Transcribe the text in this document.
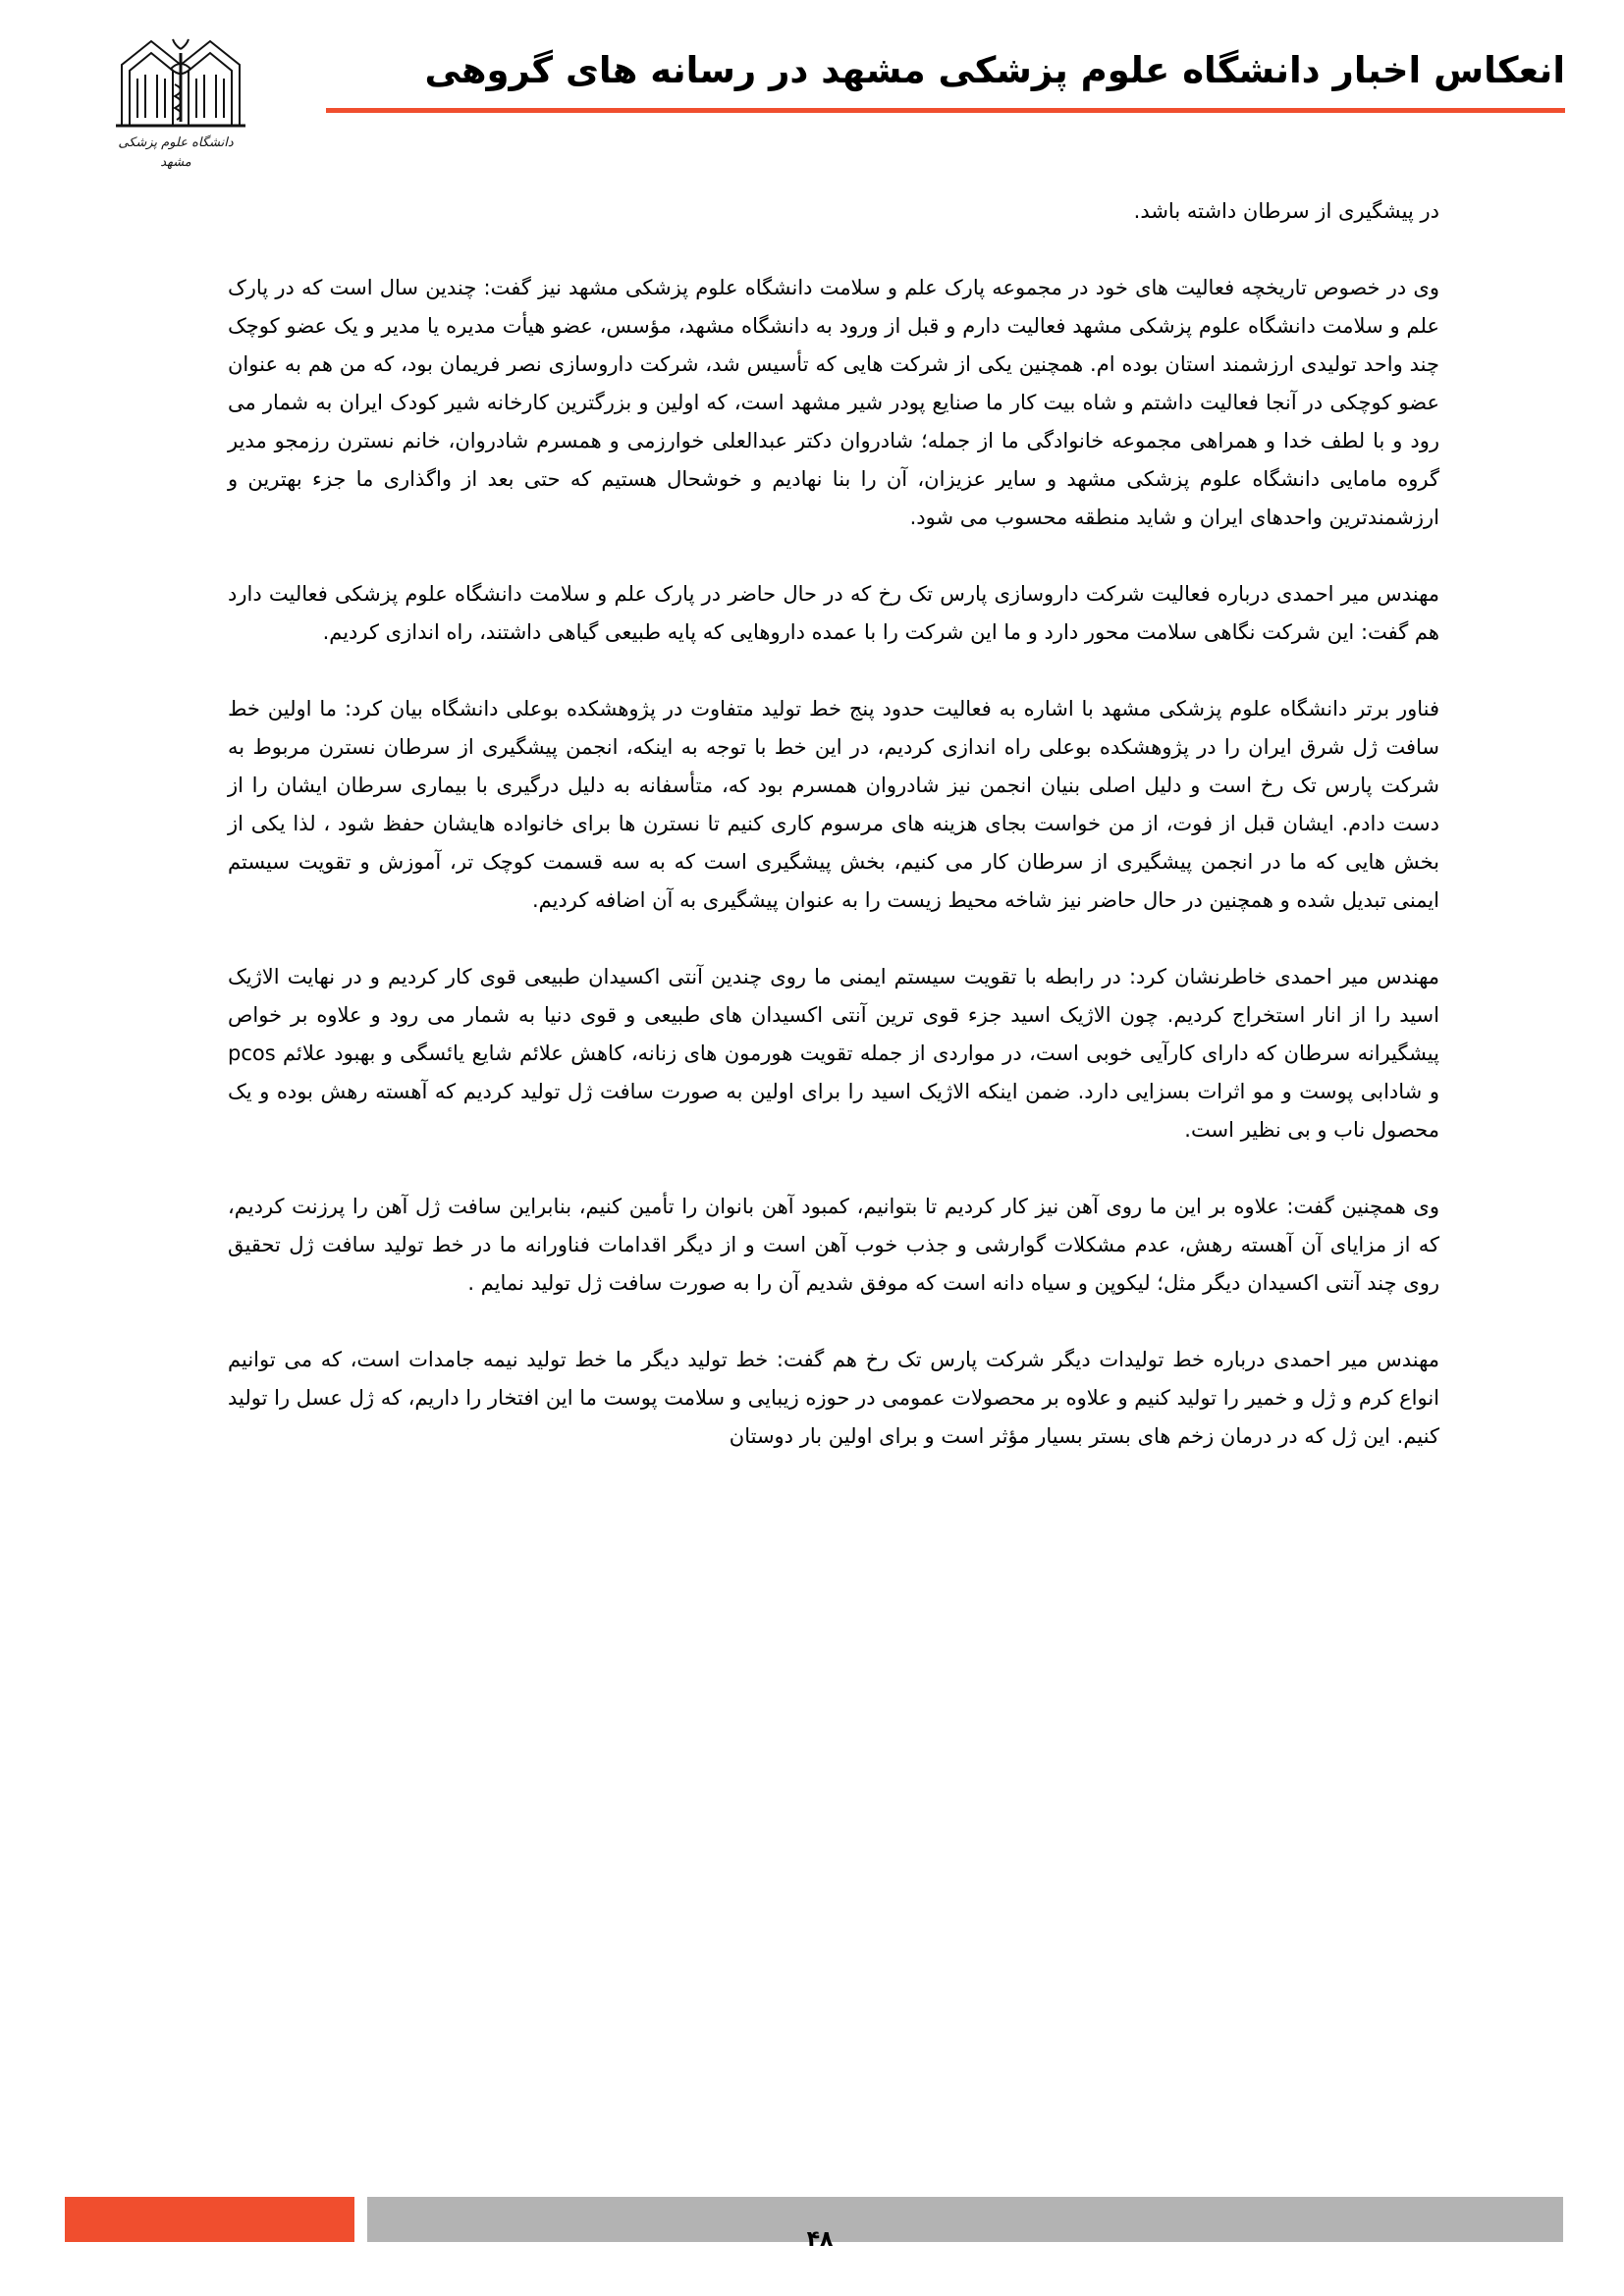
دانشگاه علوم پزشکی مشهد
انعکاس اخبار دانشگاه علوم پزشکی مشهد در رسانه های گروهی

در پیشگیری از سرطان داشته باشد.

وی در خصوص تاریخچه فعالیت های خود در مجموعه پارک علم و سلامت دانشگاه علوم پزشکی مشهد نیز گفت: چندین سال است که در پارک علم و سلامت دانشگاه علوم پزشکی مشهد فعالیت دارم و قبل از ورود به دانشگاه مشهد، مؤسس، عضو هیأت مدیره یا مدیر و یک عضو کوچک چند واحد تولیدی ارزشمند استان بوده ام. همچنین یکی از شرکت هایی که تأسیس شد، شرکت داروسازی نصر فریمان بود، که من هم به عنوان عضو کوچکی در آنجا فعالیت داشتم و شاه بیت کار ما صنایع پودر شیر مشهد است، که اولین و بزرگترین کارخانه شیر کودک ایران به شمار می رود و با لطف خدا و همراهی مجموعه خانوادگی ما از جمله؛ شادروان دکتر عبدالعلی خوارزمی و همسرم شادروان، خانم نسترن رزمجو مدیر گروه مامایی دانشگاه علوم پزشکی مشهد و سایر عزیزان، آن را بنا نهادیم و خوشحال هستیم که حتی بعد از واگذاری ما جزء بهترین و ارزشمندترین واحدهای ایران و شاید منطقه محسوب می شود.

مهندس میر احمدی درباره فعالیت شرکت داروسازی پارس تک رخ که در حال حاضر در پارک علم و سلامت دانشگاه علوم پزشکی فعالیت دارد هم گفت: این شرکت نگاهی سلامت محور دارد و ما این شرکت را با عمده داروهایی که پایه طبیعی گیاهی داشتند، راه اندازی کردیم.

فناور برتر دانشگاه علوم پزشکی مشهد با اشاره به فعالیت حدود پنج خط تولید متفاوت در پژوهشکده بوعلی دانشگاه بیان کرد: ما اولین خط سافت ژل شرق ایران را در پژوهشکده بوعلی راه اندازی کردیم، در این خط با توجه به اینکه، انجمن پیشگیری از سرطان نسترن مربوط به شرکت پارس تک رخ است و دلیل اصلی بنیان انجمن نیز شادروان همسرم بود که، متأسفانه به دلیل درگیری با بیماری سرطان ایشان را از دست دادم. ایشان قبل از فوت، از من خواست بجای هزینه های مرسوم کاری کنیم تا نسترن ها برای خانواده هایشان حفظ شود ، لذا یکی از بخش هایی که ما در انجمن پیشگیری از سرطان کار می کنیم، بخش پیشگیری است که به سه قسمت کوچک تر، آموزش و تقویت سیستم ایمنی تبدیل شده و همچنین در حال حاضر نیز شاخه محیط زیست را به عنوان پیشگیری به آن اضافه کردیم.

مهندس میر احمدی خاطرنشان کرد: در رابطه با تقویت سیستم ایمنی ما روی چندین آنتی اکسیدان طبیعی قوی کار کردیم و در نهایت الاژیک اسید را از انار استخراج کردیم. چون الاژیک اسید جزء قوی ترین آنتی اکسیدان های طبیعی و قوی دنیا به شمار می رود و علاوه بر خواص پیشگیرانه سرطان که دارای کارآیی خوبی است، در مواردی از جمله تقویت هورمون های زنانه، کاهش علائم شایع یائسگی و بهبود علائم pcos و شادابی پوست و مو اثرات بسزایی دارد. ضمن اینکه الاژیک اسید را برای اولین به صورت سافت ژل تولید کردیم که آهسته رهش بوده و یک محصول ناب و بی نظیر است.

وی همچنین گفت: علاوه بر این ما روی آهن نیز کار کردیم تا بتوانیم، کمبود آهن بانوان را تأمین کنیم، بنابراین سافت ژل آهن را پرزنت کردیم، که از مزایای آن آهسته رهش، عدم مشکلات گوارشی و جذب خوب آهن است و از دیگر اقدامات فناورانه ما در خط تولید سافت ژل تحقیق روی چند آنتی اکسیدان دیگر مثل؛ لیکوپن و سیاه دانه است که موفق شدیم آن را به صورت سافت ژل تولید نمایم .

مهندس میر احمدی درباره خط تولیدات دیگر شرکت پارس تک رخ هم گفت: خط تولید دیگر ما خط تولید نیمه جامدات است، که می توانیم انواع کرم و ژل و خمیر را تولید کنیم و علاوه بر محصولات عمومی در حوزه زیبایی و سلامت پوست ما این افتخار را داریم، که ژل عسل را تولید کنیم. این ژل که در درمان زخم های بستر بسیار مؤثر است و برای اولین بار دوستان

۴۸
